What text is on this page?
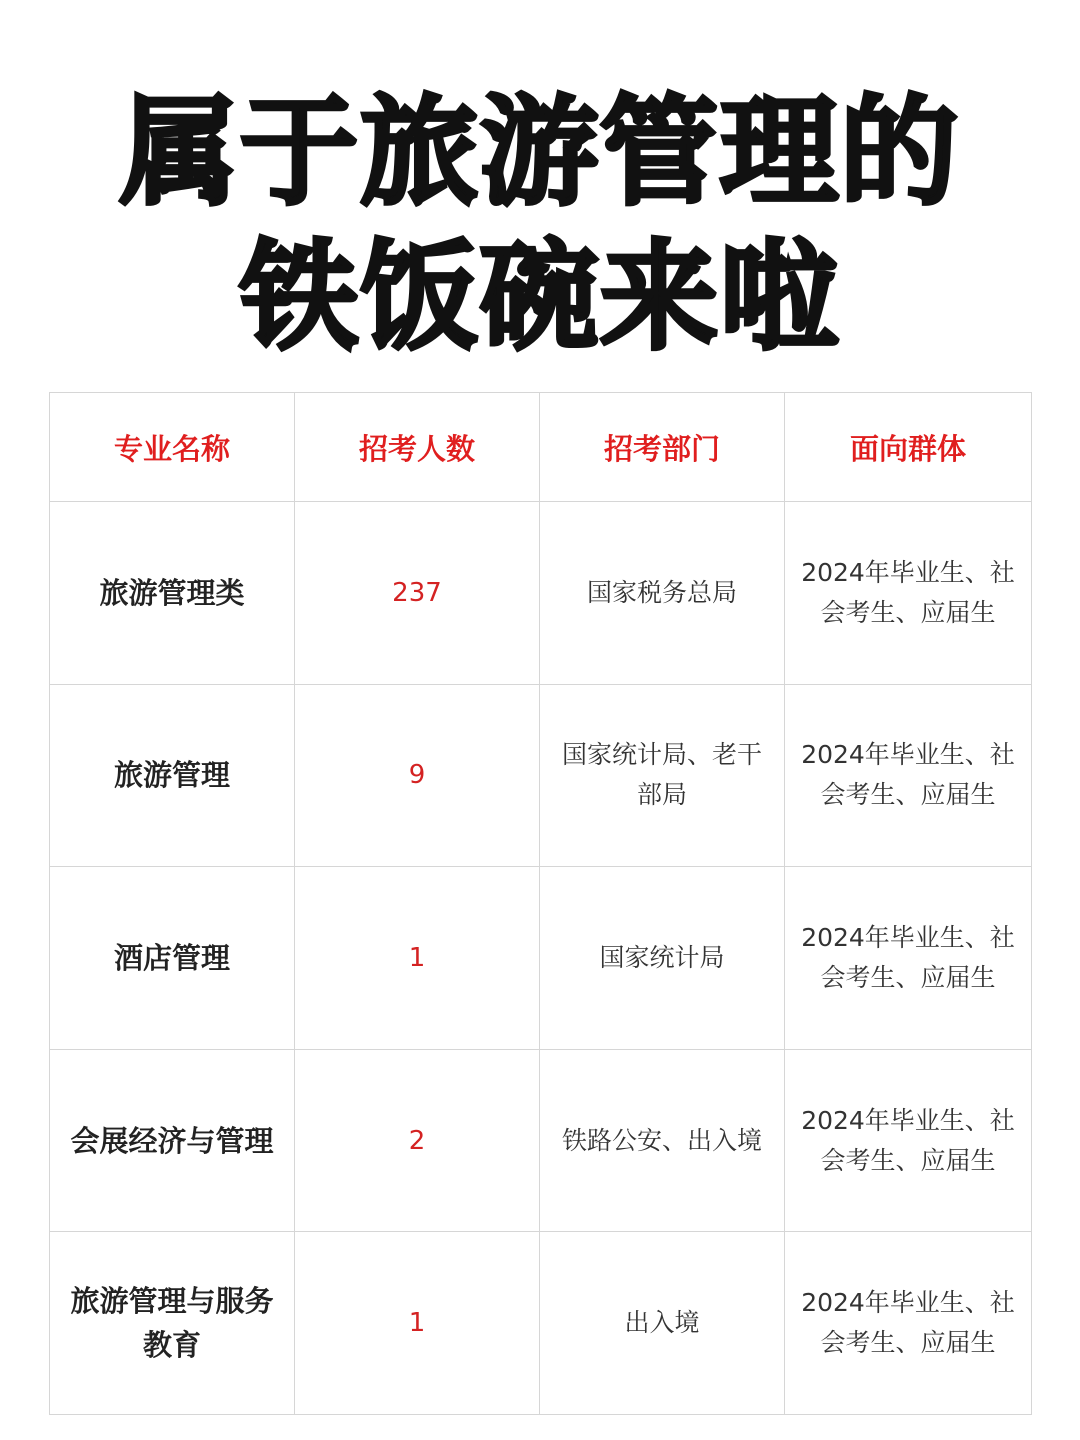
属于旅游管理的
铁饭碗来啦
专业名称	招考人数	招考部门	面向群体
旅游管理类	237	国家税务总局	2024年毕业生、社会考生、应届生
旅游管理	9	国家统计局、老干部局	2024年毕业生、社会考生、应届生
酒店管理	1	国家统计局	2024年毕业生、社会考生、应届生
会展经济与管理	2	铁路公安、出入境	2024年毕业生、社会考生、应届生
旅游管理与服务教育	1	出入境	2024年毕业生、社会考生、应届生
